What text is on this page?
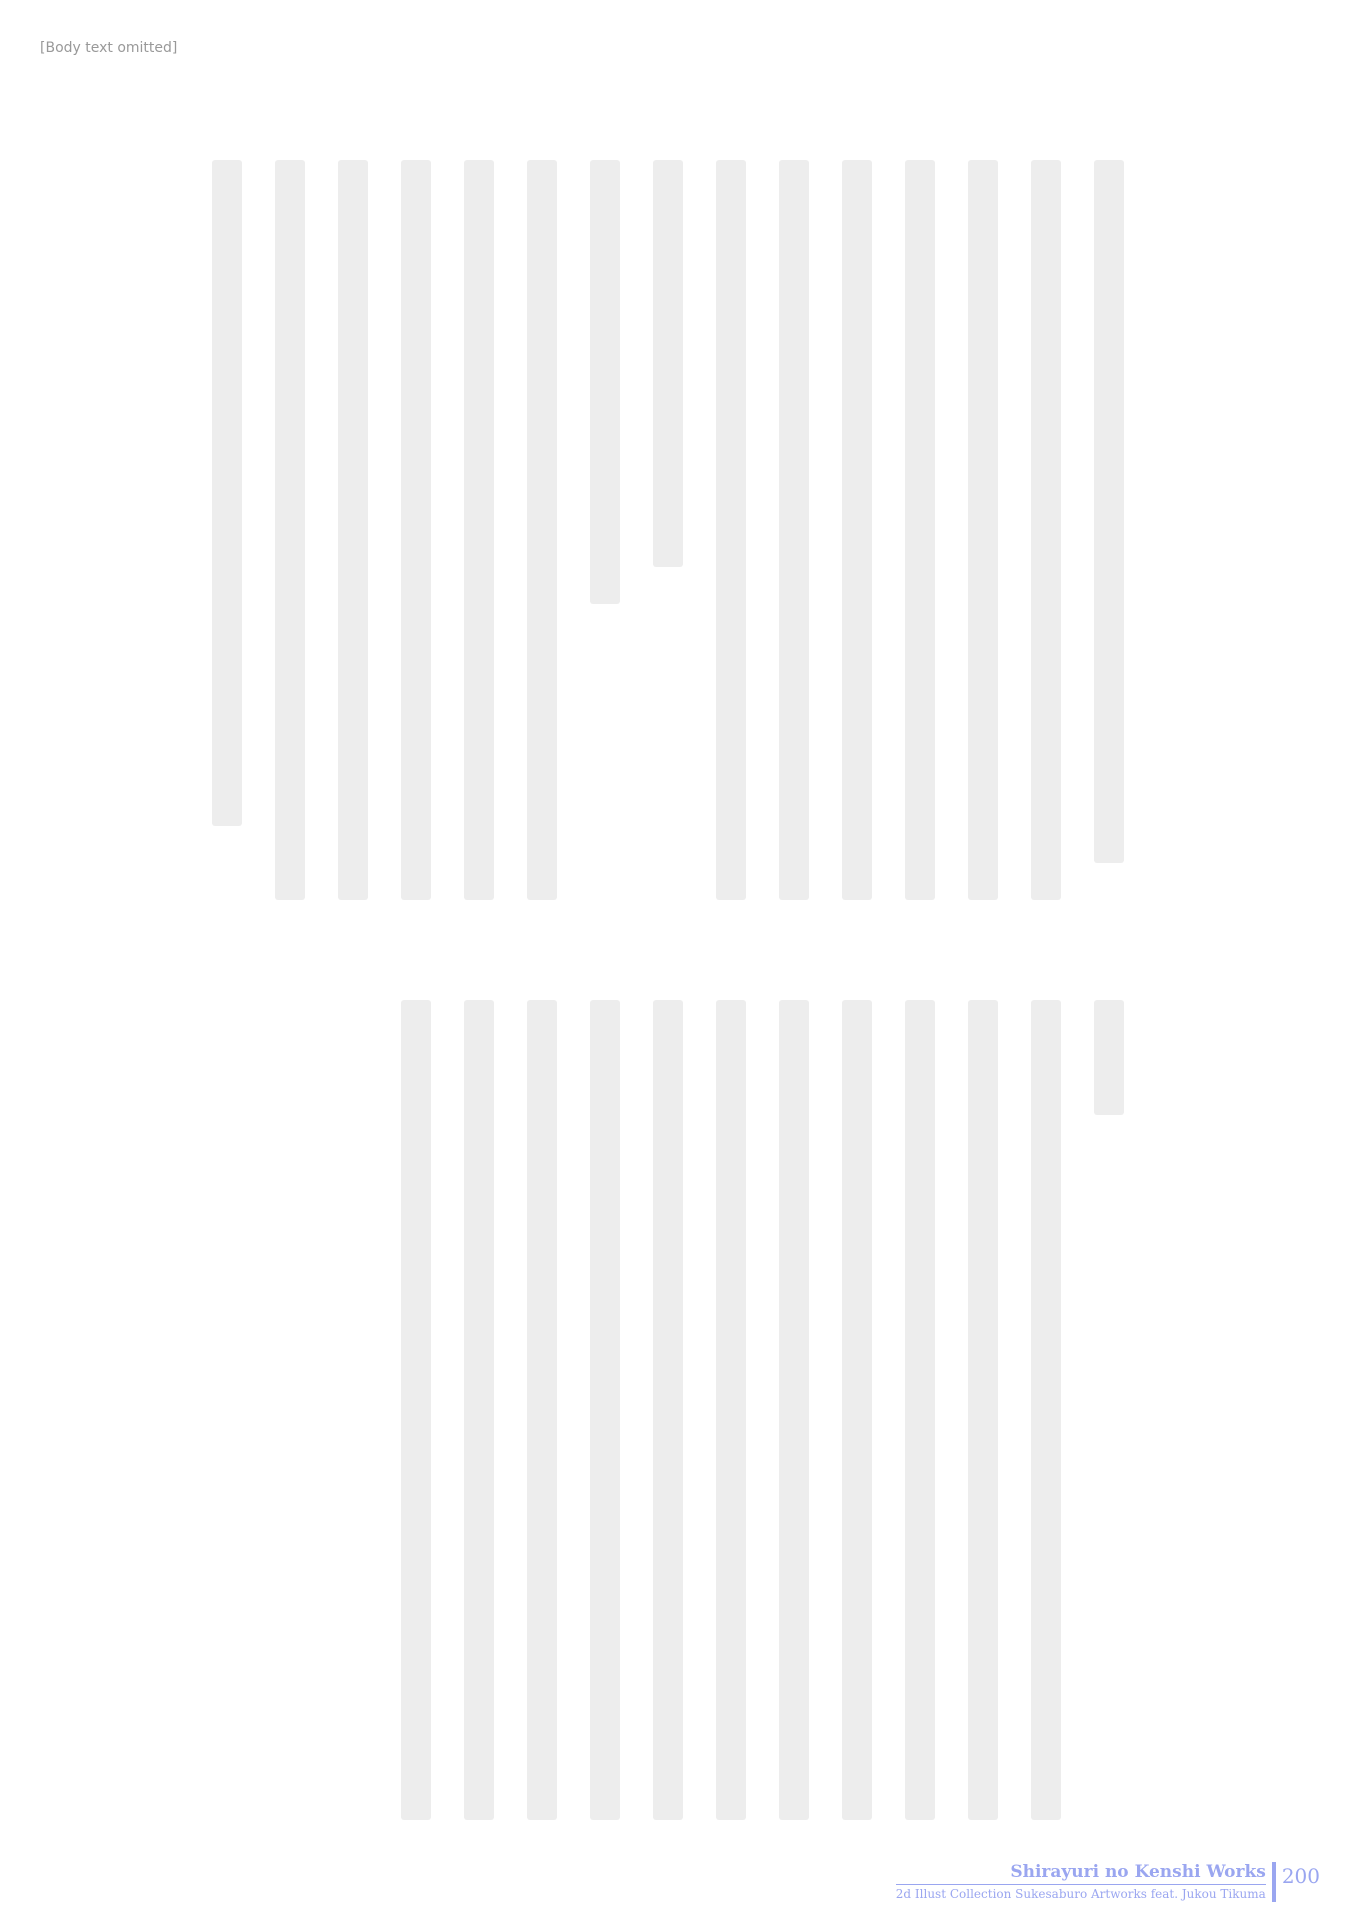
[Body text omitted]
Shirayuri no Kenshi Works
2d Illust Collection Sukesaburo Artworks feat. Jukou Tikuma
200
